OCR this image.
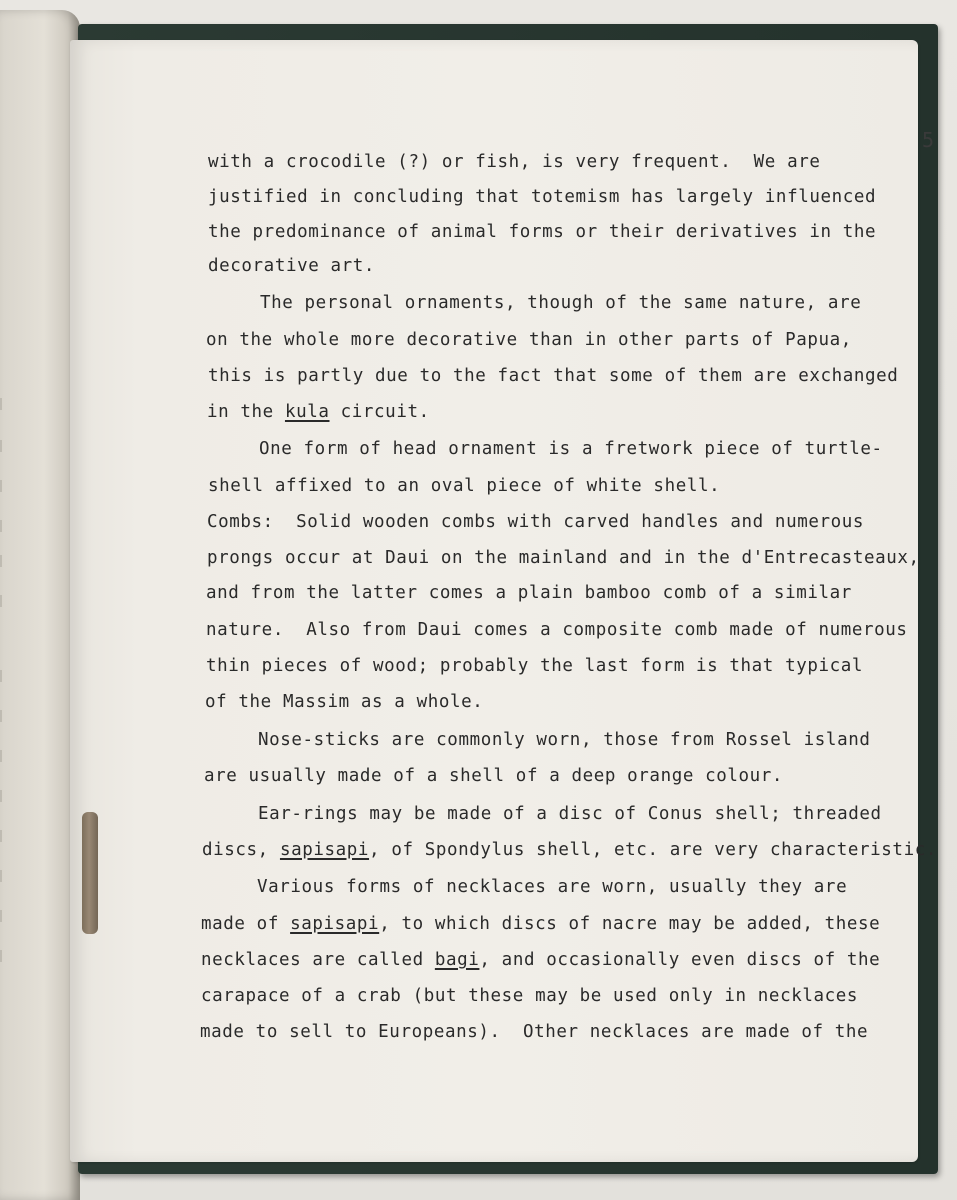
5
with a crocodile (?) or fish, is very frequent.  We are
justified in concluding that totemism has largely influenced
the predominance of animal forms or their derivatives in the
decorative art.
The personal ornaments, though of the same nature, are
on the whole more decorative than in other parts of Papua,
this is partly due to the fact that some of them are exchanged
in the kula circuit.
One form of head ornament is a fretwork piece of turtle-
shell affixed to an oval piece of white shell.
Combs:  Solid wooden combs with carved handles and numerous
prongs occur at Daui on the mainland and in the d'Entrecasteaux,
and from the latter comes a plain bamboo comb of a similar
nature.  Also from Daui comes a composite comb made of numerous
thin pieces of wood; probably the last form is that typical
of the Massim as a whole.
Nose-sticks are commonly worn, those from Rossel island
are usually made of a shell of a deep orange colour.
Ear-rings may be made of a disc of Conus shell; threaded
discs, sapisapi, of Spondylus shell, etc. are very characteristic.
Various forms of necklaces are worn, usually they are
made of sapisapi, to which discs of nacre may be added, these
necklaces are called bagi, and occasionally even discs of the
carapace of a crab (but these may be used only in necklaces
made to sell to Europeans).  Other necklaces are made of the
